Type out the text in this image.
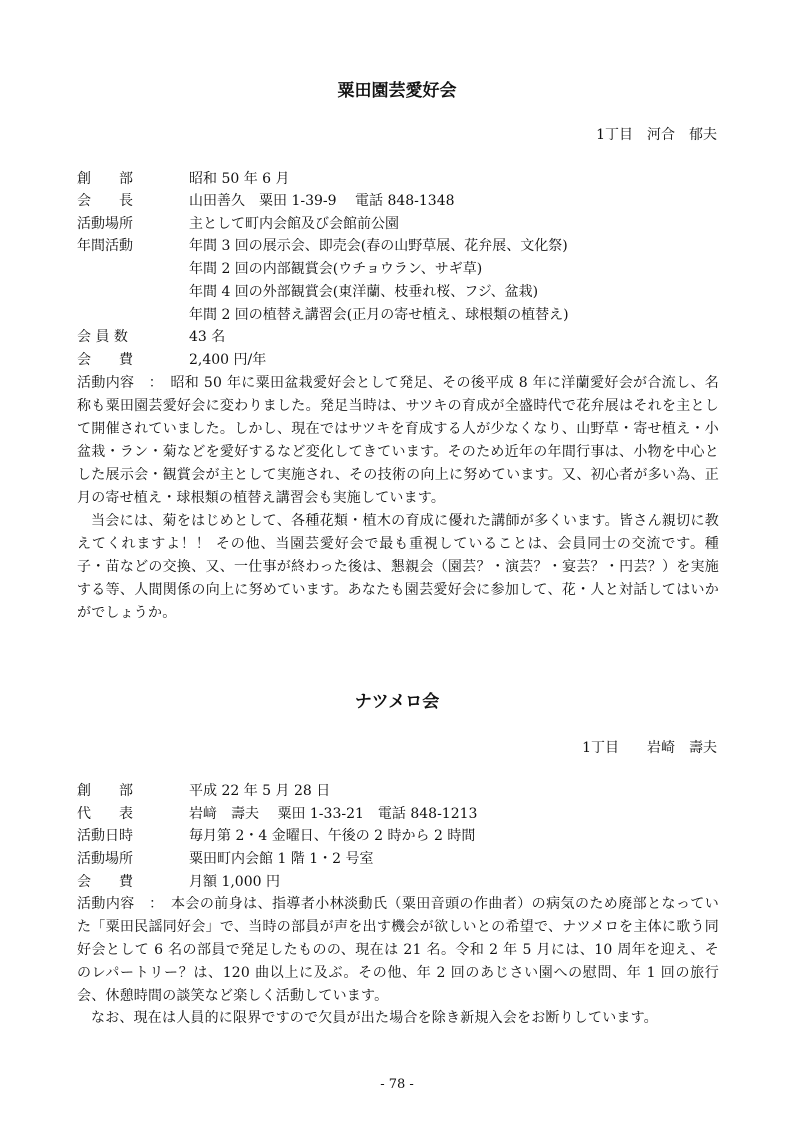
粟田園芸愛好会
1丁目　河合　郁夫

創　　部

	昭和 50 年 6 月

会　　長

	山田善久　粟田 1-39-9　 電話 848-1348

活動場所

	主として町内会館及び会館前公園

年間活動

	年間 3 回の展示会、即売会(春の山野草展、花弁展、文化祭)

年間 2 回の内部観賞会(ウチョウラン、サギ草)
年間 4 回の外部観賞会(東洋蘭、枝垂れ桜、フジ、盆栽)
年間 2 回の植替え講習会(正月の寄せ植え、球根類の植替え)

会 員 数

	43 名

会　　費

	2,400 円/年

活動内容　：　昭和 50 年に粟田盆栽愛好会として発足、その後平成 8 年に洋蘭愛好会が合流し、名称も粟田園芸愛好会に変わりました。発足当時は、サツキの育成が全盛時代で花弁展はそれを主として開催されていました。しかし、現在ではサツキを育成する人が少なくなり、山野草・寄せ植え・小盆栽・ラン・菊などを愛好するなど変化してきています。そのため近年の年間行事は、小物を中心とした展示会・観賞会が主として実施され、その技術の向上に努めています。又、初心者が多い為、正月の寄せ植え・球根類の植替え講習会も実施しています。

当会には、菊をはじめとして、各種花類・植木の育成に優れた講師が多くいます。皆さん親切に教えてくれますよ！！ その他、当園芸愛好会で最も重視していることは、会員同士の交流です。種子・苗などの交換、又、一仕事が終わった後は、懇親会（園芸？・演芸？・宴芸？・円芸？）を実施する等、人間関係の向上に努めています。あなたも園芸愛好会に参加して、花・人と対話してはいかがでしょうか。

ナツメロ会
1丁目　　岩崎　壽夫

創　　部

	平成 22 年 5 月 28 日

代　　表

	岩﨑　壽夫　 粟田 1-33-21　電話 848-1213

活動日時

	毎月第 2・4 金曜日、午後の 2 時から 2 時間

活動場所

	粟田町内会館 1 階 1・2 号室

会　　費

	月額 1,000 円

活動内容　：　本会の前身は、指導者小林淡動氏（粟田音頭の作曲者）の病気のため廃部となっていた「粟田民謡同好会」で、当時の部員が声を出す機会が欲しいとの希望で、ナツメロを主体に歌う同好会として 6 名の部員で発足したものの、現在は 21 名。令和 2 年 5 月には、10 周年を迎え、そのレパートリー？は、120 曲以上に及ぶ。その他、年 2 回のあじさい園への慰問、年 1 回の旅行会、休憩時間の談笑など楽しく活動しています。

なお、現在は人員的に限界ですので欠員が出た場合を除き新規入会をお断りしています。

- 78 -
